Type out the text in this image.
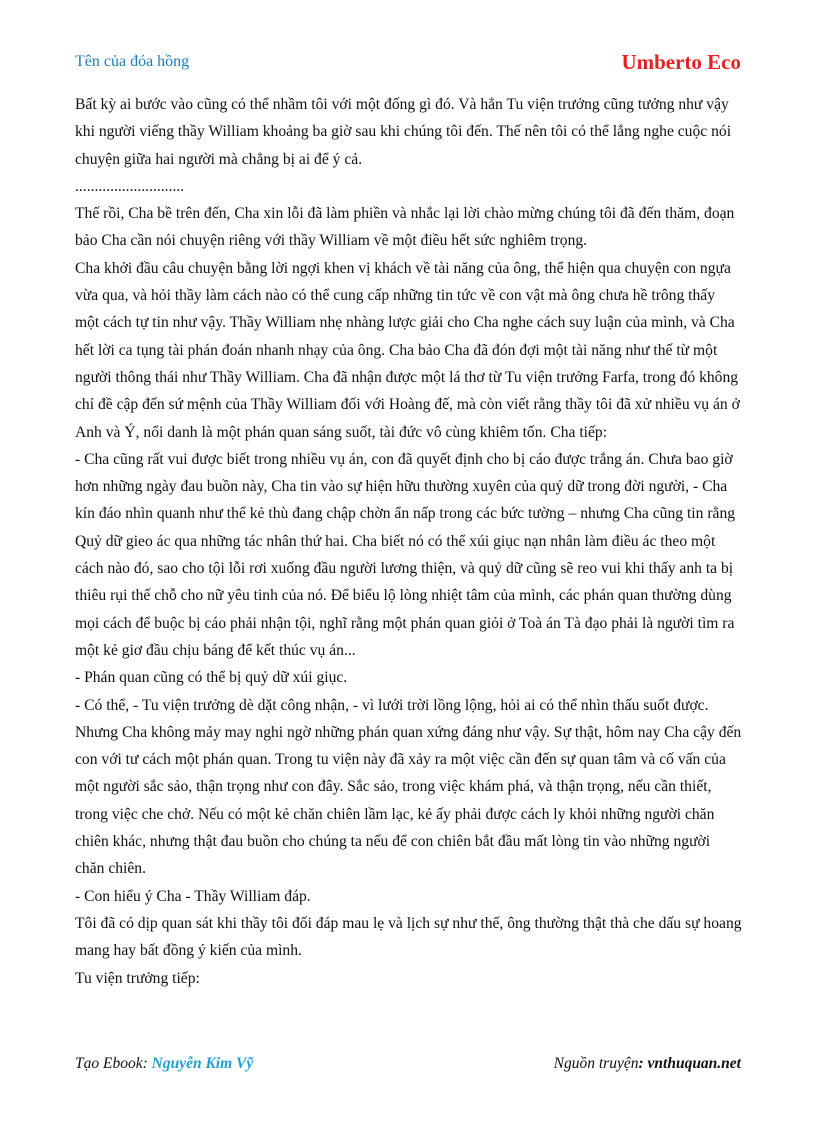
Tên của đóa hồng	Umberto Eco

Bất kỳ ai bước vào cũng có thể nhầm tôi với một đống gì đó. Và hẳn Tu viện trưởng cũng tưởng như vậy khi người viếng thầy William khoảng ba giờ sau khi chúng tôi đến. Thế nên tôi có thể lắng nghe cuộc nói chuyện giữa hai người mà chẳng bị ai để ý cả.

............................

Thế rồi, Cha bề trên đến, Cha xin lỗi đã làm phiền và nhắc lại lời chào mừng chúng tôi đã đến thăm, đoạn bảo Cha cần nói chuyện riêng với thầy William về một điều hết sức nghiêm trọng.

Cha khởi đầu câu chuyện bằng lời ngợi khen vị khách về tài năng của ông, thể hiện qua chuyện con ngựa vừa qua, và hỏi thầy làm cách nào có thể cung cấp những tin tức về con vật mà ông chưa hề trông thấy một cách tự tin như vậy. Thầy William nhẹ nhàng lược giải cho Cha nghe cách suy luận của mình, và Cha hết lời ca tụng tài phán đoán nhanh nhạy của ông. Cha bảo Cha đã đón đợi một tài năng như thế từ một người thông thái như Thầy William. Cha đã nhận được một lá thơ từ Tu viện trưởng Farfa, trong đó không chỉ đề cập đến sứ mệnh của Thầy William đối với Hoàng đế, mà còn viết rằng thầy tôi đã xử nhiều vụ án ở Anh và Ý, nổi danh là một phán quan sáng suốt, tài đức vô cùng khiêm tốn. Cha tiếp:

- Cha cũng rất vui được biết trong nhiều vụ án, con đã quyết định cho bị cáo được trắng án. Chưa bao giờ hơn những ngày đau buồn này, Cha tin vào sự hiện hữu thường xuyên của quỷ dữ trong đời người, - Cha kín đáo nhìn quanh như thể kẻ thù đang chập chờn ẩn nấp trong các bức tường – nhưng Cha cũng tin rằng Quỷ dữ gieo ác qua những tác nhân thứ hai. Cha biết nó có thể xúi giục nạn nhân làm điều ác theo một cách nào đó, sao cho tội lỗi rơi xuống đầu người lương thiện, và quỷ dữ cũng sẽ reo vui khi thấy anh ta bị thiêu rụi thế chỗ cho nữ yêu tinh của nó. Để biểu lộ lòng nhiệt tâm của mình, các phán quan thường dùng mọi cách để buộc bị cáo phải nhận tội, nghĩ rằng một phán quan giỏi ở Toà án Tà đạo phải là người tìm ra một kẻ giơ đầu chịu báng để kết thúc vụ án...

- Phán quan cũng có thể bị quỷ dữ xúi giục.

- Có thể, - Tu viện trưởng dè dặt công nhận, - vì lưới trời lồng lộng, hỏi ai có thể nhìn thấu suốt được. Nhưng Cha không mảy may nghi ngờ những phán quan xứng đáng như vậy. Sự thật, hôm nay Cha cậy đến con với tư cách một phán quan. Trong tu viện này đã xảy ra một việc cần đến sự quan tâm và cố vấn của một người sắc sảo, thận trọng như con đây. Sắc sảo, trong việc khám phá, và thận trọng, nếu cần thiết, trong việc che chở. Nếu có một kẻ chăn chiên lầm lạc, kẻ ấy phải được cách ly khỏi những người chăn chiên khác, nhưng thật đau buồn cho chúng ta nếu để con chiên bắt đầu mất lòng tin vào những người chăn chiên.

- Con hiểu ý Cha - Thầy William đáp.

Tôi đã có dịp quan sát khi thầy tôi đối đáp mau lẹ và lịch sự như thế, ông thường thật thà che dấu sự hoang mang hay bất đồng ý kiến của mình.

Tu viện trưởng tiếp:

Tạo Ebook: Nguyễn Kim Vỹ	Nguồn truyện: vnthuquan.net
